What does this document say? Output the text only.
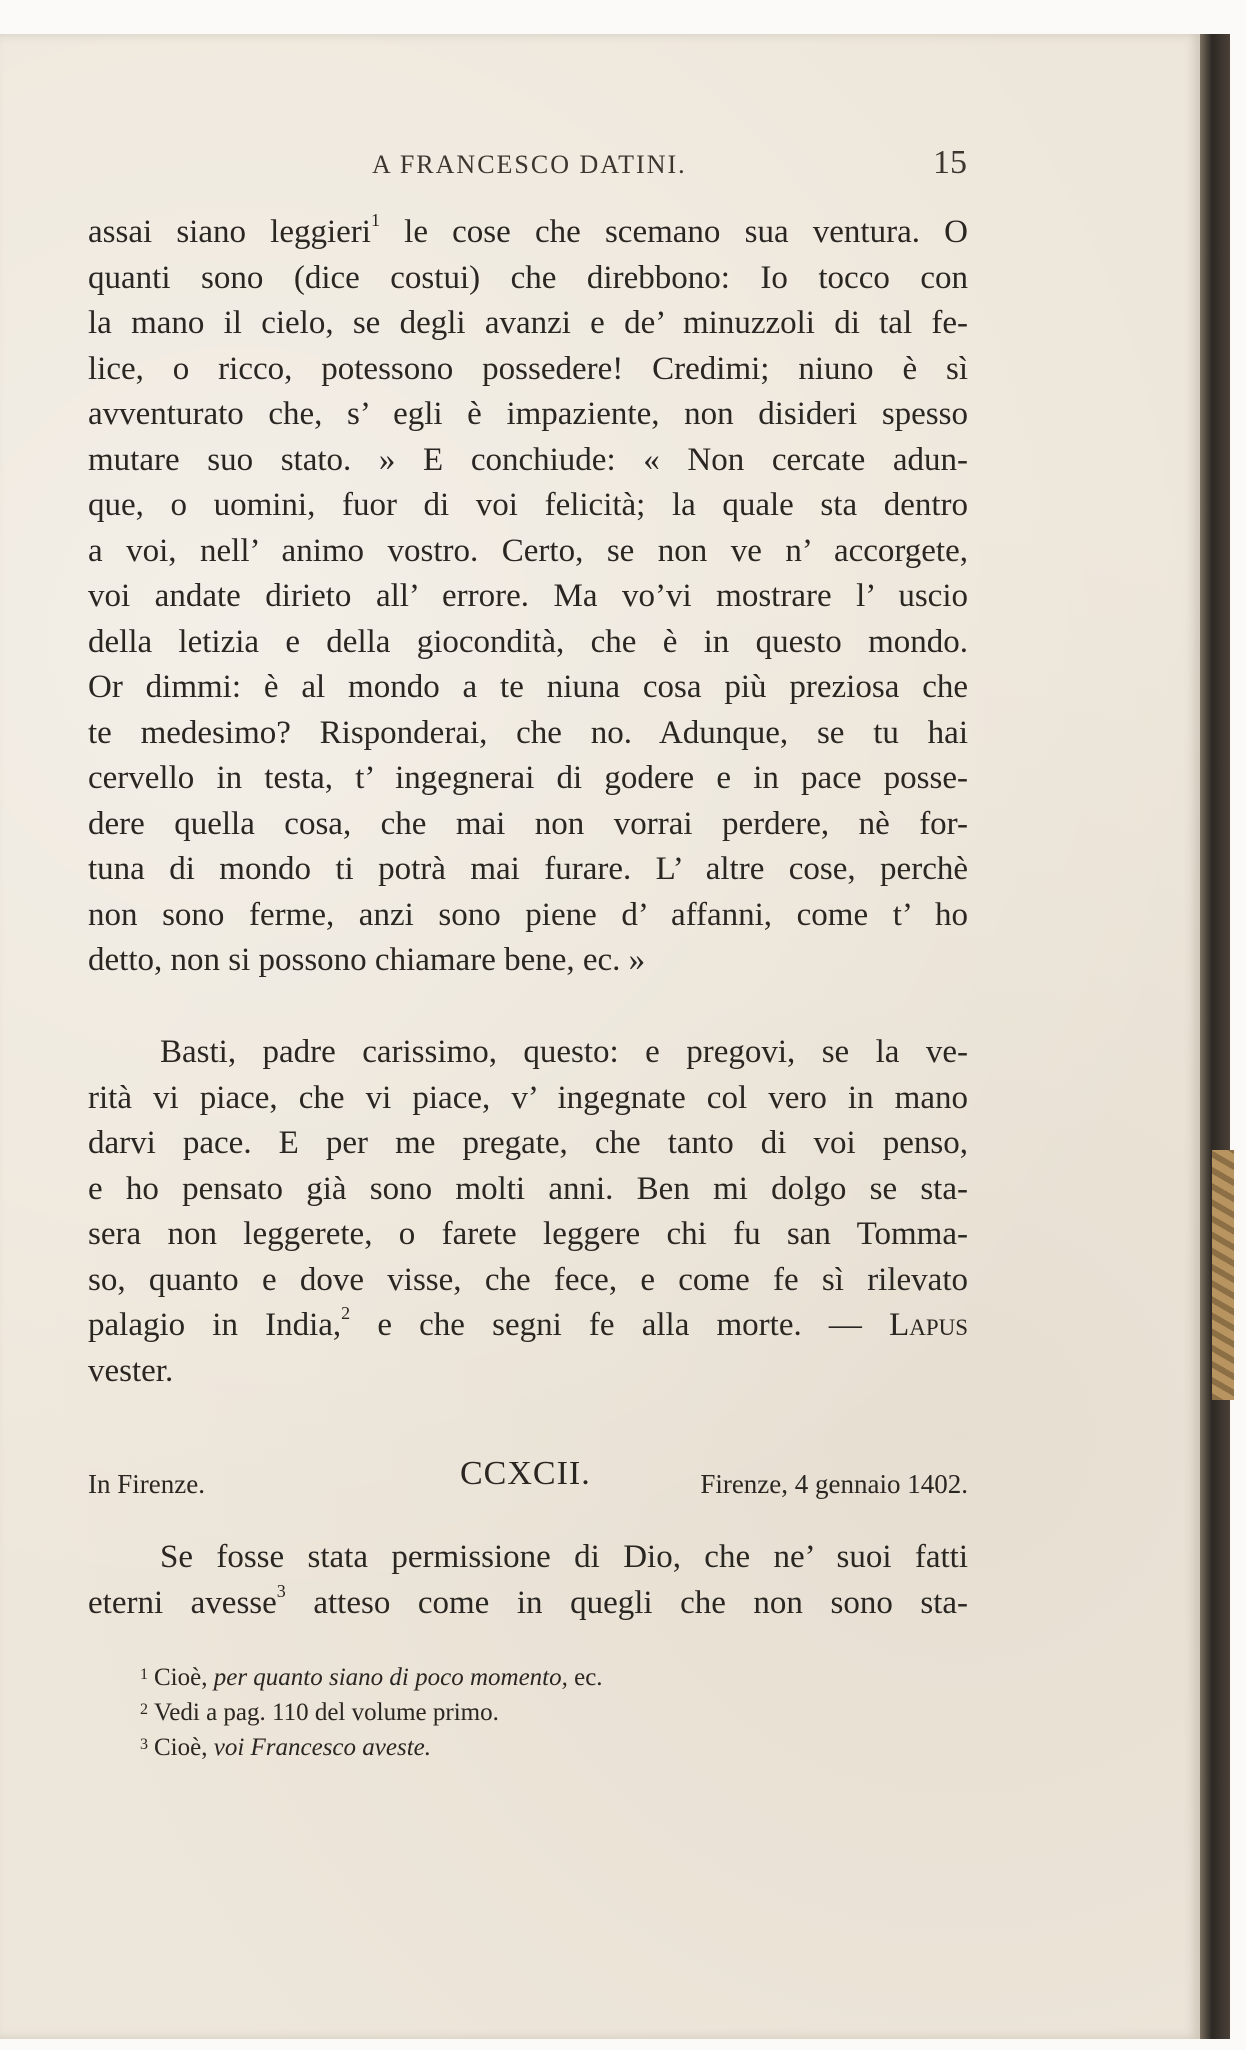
A FRANCESCO DATINI.	15
assai siano leggieri$^1$ le cose che scemano sua ventura. O
quanti sono (dice costui) che direbbono: Io tocco con
la mano il cielo, se degli avanzi e de’ minuzzoli di tal fe-
lice, o ricco, potessono possedere! Credimi; niuno è sì
avventurato che, s’ egli è impaziente, non disideri spesso
mutare suo stato. » E conchiude: « Non cercate adun-
que, o uomini, fuor di voi felicità; la quale sta dentro
a voi, nell’ animo vostro. Certo, se non ve n’ accorgete,
voi andate dirieto all’ errore. Ma vo’vi mostrare l’ uscio
della letizia e della giocondità, che è in questo mondo.
Or dimmi: è al mondo a te niuna cosa più preziosa che
te medesimo? Risponderai, che no. Adunque, se tu hai
cervello in testa, t’ ingegnerai di godere e in pace posse-
dere quella cosa, che mai non vorrai perdere, nè for-
tuna di mondo ti potrà mai furare. L’ altre cose, perchè
non sono ferme, anzi sono piene d’ affanni, come t’ ho
detto, non si possono chiamare bene, ec. »
Basti, padre carissimo, questo: e pregovi, se la ve-
rità vi piace, che vi piace, v’ ingegnate col vero in mano
darvi pace. E per me pregate, che tanto di voi penso,
e ho pensato già sono molti anni. Ben mi dolgo se sta-
sera non leggerete, o farete leggere chi fu san Tomma-
so, quanto e dove visse, che fece, e come fe sì rilevato
palagio in India,$^2$ e che segni fe alla morte. — Lapus
vester.
In Firenze.	CCXCII.	Firenze, 4 gennaio 1402.
Se fosse stata permissione di Dio, che ne’ suoi fatti
eterni avesse$^3$ atteso come in quegli che non sono sta-
$^1$ Cioè, per quanto siano di poco momento, ec.
$^2$ Vedi a pag. 110 del volume primo.
$^3$ Cioè, voi Francesco aveste.
